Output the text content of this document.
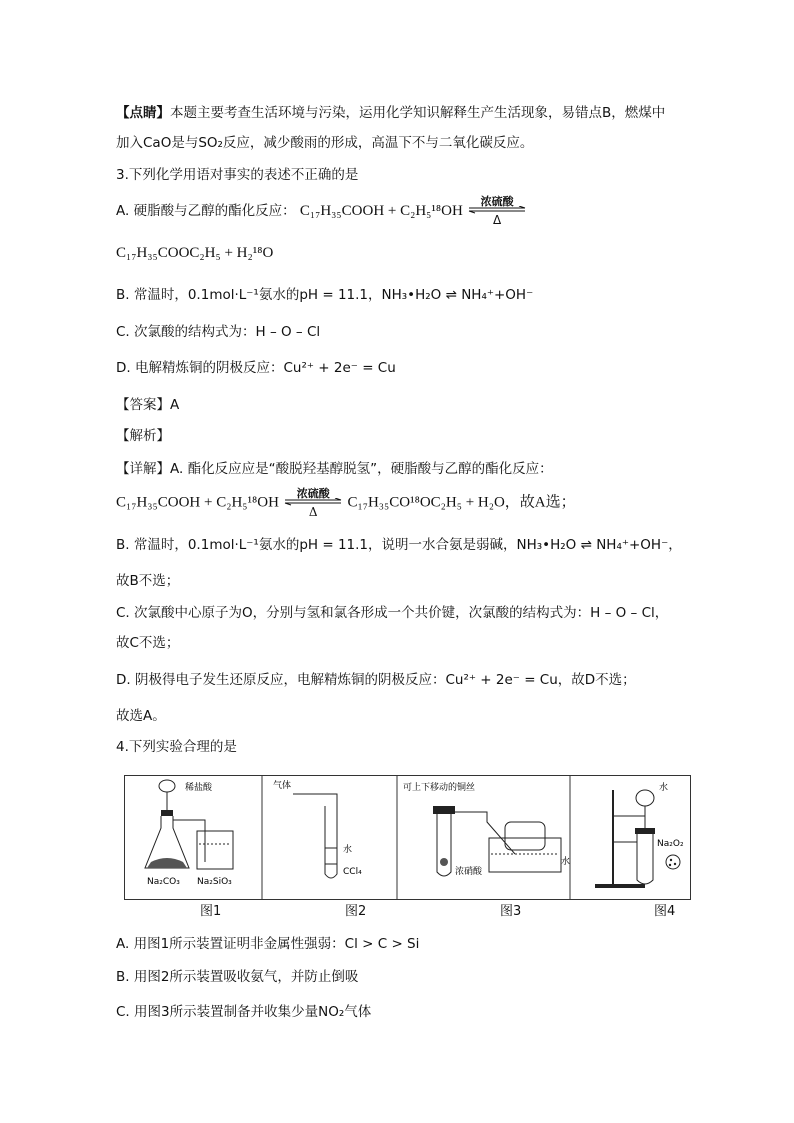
【点睛】本题主要考查生活环境与污染，运用化学知识解释生产生活现象，易错点B，燃煤中
加入CaO是与SO₂反应，减少酸雨的形成，高温下不与二氧化碳反应。
3.下列化学用语对事实的表述不正确的是
A. 硬脂酸与乙醇的酯化反应： C₁₇H₃₅COOH + C₂H₅¹⁸OH
浓硫酸
Δ
C₁₇H₃₅COOC₂H₅ + H₂¹⁸O
B. 常温时，0.1mol·L⁻¹氨水的pH = 11.1，NH₃•H₂O ⇌ NH₄⁺+OH⁻
C. 次氯酸的结构式为：H – O – Cl
D. 电解精炼铜的阴极反应：Cu²⁺ + 2e⁻ = Cu
【答案】A
【解析】
【详解】A. 酯化反应应是“酸脱羟基醇脱氢”，硬脂酸与乙醇的酯化反应：
C₁₇H₃₅COOH + C₂H₅¹⁸OH
浓硫酸
Δ
C₁₇H₃₅CO¹⁸OC₂H₅ + H₂O，故A选；
B. 常温时，0.1mol·L⁻¹氨水的pH = 11.1，说明一水合氨是弱碱，NH₃•H₂O ⇌ NH₄⁺+OH⁻，
故B不选；
C. 次氯酸中心原子为O，分别与氢和氯各形成一个共价键，次氯酸的结构式为：H – O – Cl，
故C不选；
D. 阴极得电子发生还原反应，电解精炼铜的阴极反应：Cu²⁺ + 2e⁻ = Cu，故D不选；
故选A。
4.下列实验合理的是
稀盐酸
Na₂CO₃ Na₂SiO₃
气体
水
CCl₄
可上下移动的铜丝
浓硝酸
水
水
Na₂O₂
图1	图2	图3	图4
A. 用图1所示装置证明非金属性强弱：Cl > C > Si
B. 用图2所示装置吸收氨气，并防止倒吸
C. 用图3所示装置制备并收集少量NO₂气体
